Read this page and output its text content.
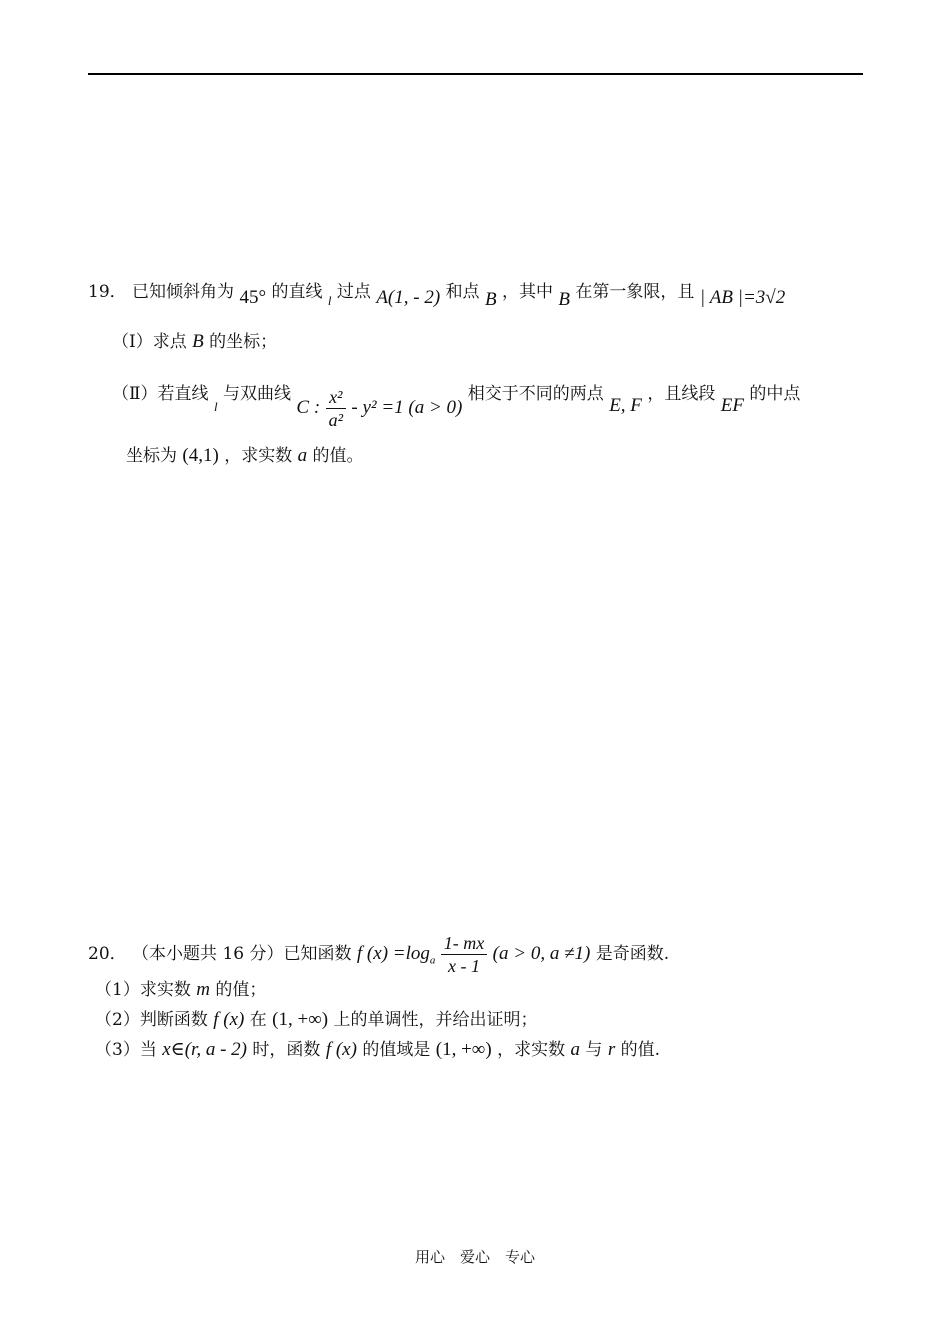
19． 已知倾斜角为 45° 的直线 $_l$ 过点 A(1, - 2) 和点 B ，其中 B 在第一象限，且 | AB |=3√2
（Ⅰ）求点 B 的坐标；
（Ⅱ）若直线 $_l$ 与双曲线 C : $\frac{\text{x²}}{\text{a²}} - y^2 =1$ (a > 0) 相交于不同的两点 E, F ，且线段 EF 的中点
坐标为 (4,1) ，求实数 a 的值。
20． （本小题共 16 分）已知函数 f $(x) =\log_a \frac{1- mx}{x - 1} (a > 0$, a ≠1) 是奇函数.
（1）求实数 m 的值；
（2）判断函数 f (x) 在 (1, +∞) 上的单调性，并给出证明；
（3）当 x∈(r, a - 2) 时，函数 f (x) 的值域是 (1, +∞) ，求实数 a 与 r 的值.
用心　爱心　专心
